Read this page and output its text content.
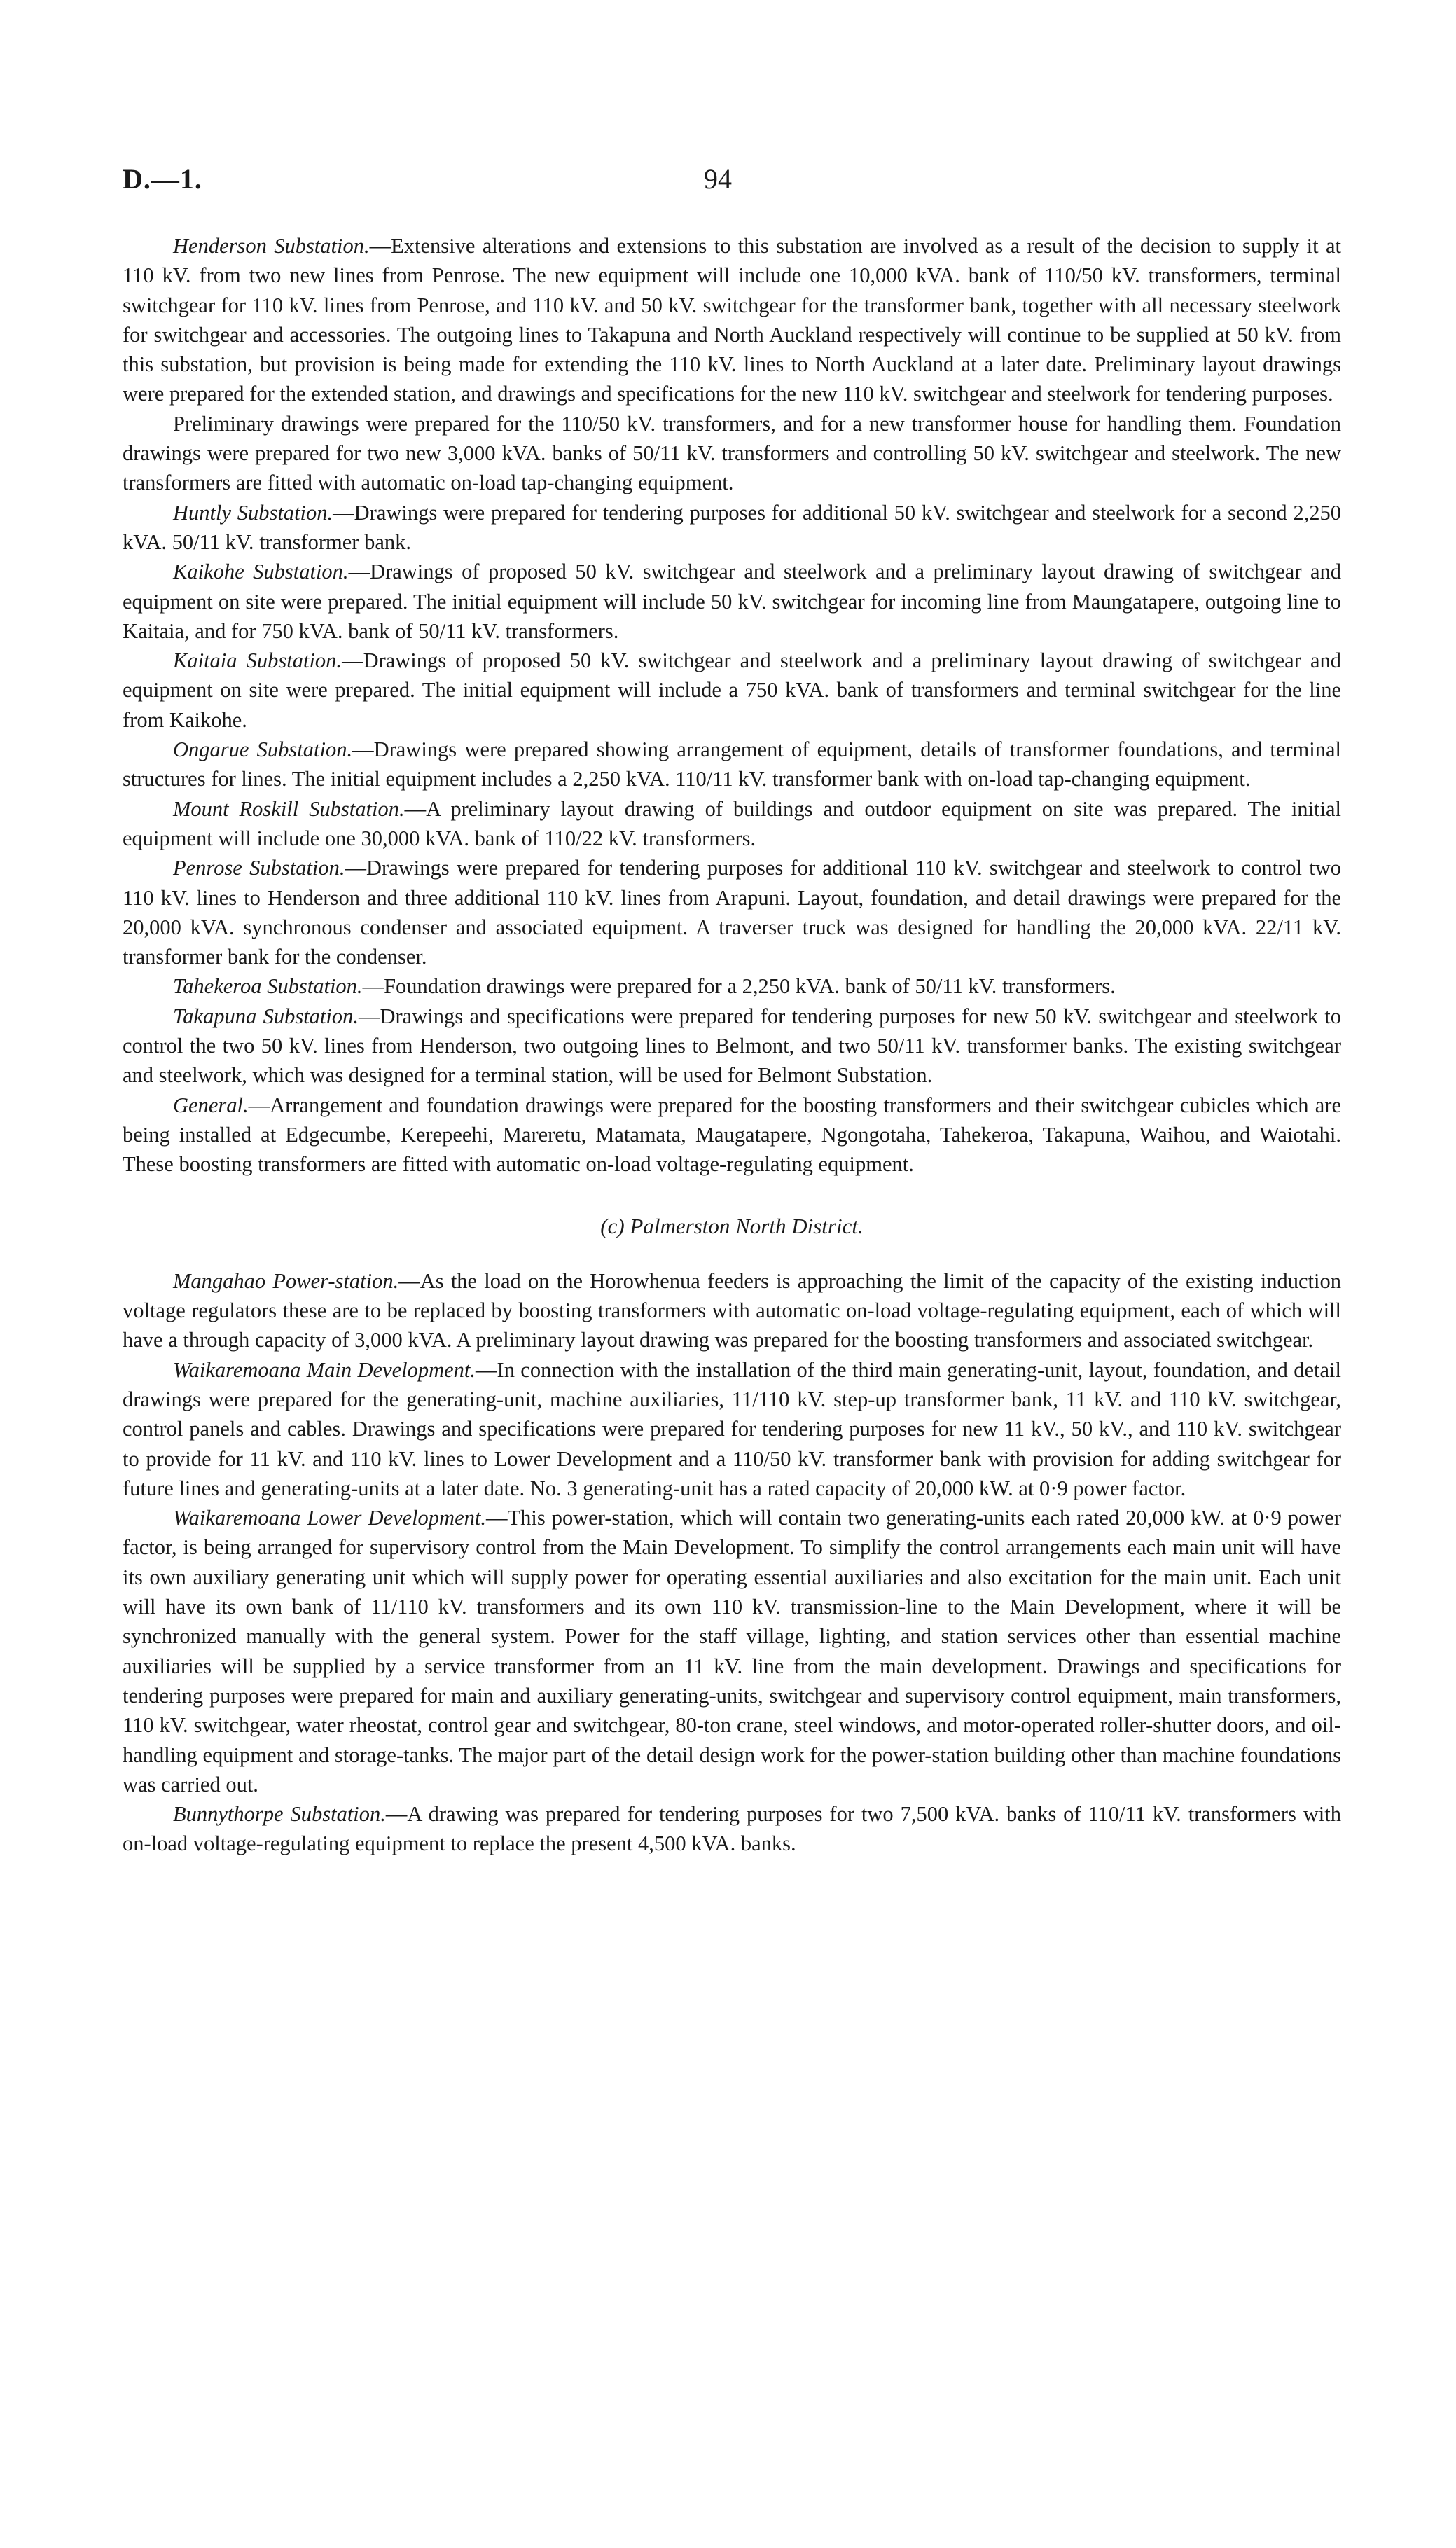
D.—1.	94

Henderson Substation.—Extensive alterations and extensions to this substation are involved as a result of the decision to supply it at 110 kV. from two new lines from Penrose. The new equipment will include one 10,000 kVA. bank of 110/50 kV. transformers, terminal switchgear for 110 kV. lines from Penrose, and 110 kV. and 50 kV. switchgear for the transformer bank, together with all necessary steelwork for switchgear and accessories. The outgoing lines to Takapuna and North Auckland respectively will continue to be supplied at 50 kV. from this substation, but provision is being made for extending the 110 kV. lines to North Auckland at a later date. Preliminary layout drawings were prepared for the extended station, and drawings and specifications for the new 110 kV. switchgear and steelwork for tendering purposes.

Preliminary drawings were prepared for the 110/50 kV. transformers, and for a new transformer house for handling them. Foundation drawings were prepared for two new 3,000 kVA. banks of 50/11 kV. transformers and controlling 50 kV. switchgear and steelwork. The new transformers are fitted with automatic on-load tap-changing equipment.

Huntly Substation.—Drawings were prepared for tendering purposes for additional 50 kV. switchgear and steelwork for a second 2,250 kVA. 50/11 kV. transformer bank.

Kaikohe Substation.—Drawings of proposed 50 kV. switchgear and steelwork and a preliminary layout drawing of switchgear and equipment on site were prepared. The initial equipment will include 50 kV. switchgear for incoming line from Maungatapere, outgoing line to Kaitaia, and for 750 kVA. bank of 50/11 kV. transformers.

Kaitaia Substation.—Drawings of proposed 50 kV. switchgear and steelwork and a preliminary layout drawing of switchgear and equipment on site were prepared. The initial equipment will include a 750 kVA. bank of transformers and terminal switchgear for the line from Kaikohe.

Ongarue Substation.—Drawings were prepared showing arrangement of equipment, details of transformer foundations, and terminal structures for lines. The initial equipment includes a 2,250 kVA. 110/11 kV. transformer bank with on-load tap-changing equipment.

Mount Roskill Substation.—A preliminary layout drawing of buildings and outdoor equipment on site was prepared. The initial equipment will include one 30,000 kVA. bank of 110/22 kV. transformers.

Penrose Substation.—Drawings were prepared for tendering purposes for additional 110 kV. switchgear and steelwork to control two 110 kV. lines to Henderson and three additional 110 kV. lines from Arapuni. Layout, foundation, and detail drawings were prepared for the 20,000 kVA. synchronous condenser and associated equipment. A traverser truck was designed for handling the 20,000 kVA. 22/11 kV. transformer bank for the condenser.

Tahekeroa Substation.—Foundation drawings were prepared for a 2,250 kVA. bank of 50/11 kV. transformers.

Takapuna Substation.—Drawings and specifications were prepared for tendering purposes for new 50 kV. switchgear and steelwork to control the two 50 kV. lines from Henderson, two outgoing lines to Belmont, and two 50/11 kV. transformer banks. The existing switchgear and steelwork, which was designed for a terminal station, will be used for Belmont Substation.

General.—Arrangement and foundation drawings were prepared for the boosting transformers and their switchgear cubicles which are being installed at Edgecumbe, Kerepeehi, Mareretu, Matamata, Maugatapere, Ngongotaha, Tahekeroa, Takapuna, Waihou, and Waiotahi. These boosting transformers are fitted with automatic on-load voltage-regulating equipment.

(c) Palmerston North District.

Mangahao Power-station.—As the load on the Horowhenua feeders is approaching the limit of the capacity of the existing induction voltage regulators these are to be replaced by boosting transformers with automatic on-load voltage-regulating equipment, each of which will have a through capacity of 3,000 kVA. A preliminary layout drawing was prepared for the boosting transformers and associated switchgear.

Waikaremoana Main Development.—In connection with the installation of the third main generating-unit, layout, foundation, and detail drawings were prepared for the generating-unit, machine auxiliaries, 11/110 kV. step-up transformer bank, 11 kV. and 110 kV. switchgear, control panels and cables. Drawings and specifications were prepared for tendering purposes for new 11 kV., 50 kV., and 110 kV. switchgear to provide for 11 kV. and 110 kV. lines to Lower Development and a 110/50 kV. transformer bank with provision for adding switchgear for future lines and generating-units at a later date. No. 3 generating-unit has a rated capacity of 20,000 kW. at 0·9 power factor.

Waikaremoana Lower Development.—This power-station, which will contain two generating-units each rated 20,000 kW. at 0·9 power factor, is being arranged for supervisory control from the Main Development. To simplify the control arrangements each main unit will have its own auxiliary generating unit which will supply power for operating essential auxiliaries and also excitation for the main unit. Each unit will have its own bank of 11/110 kV. transformers and its own 110 kV. transmission-line to the Main Development, where it will be synchronized manually with the general system. Power for the staff village, lighting, and station services other than essential machine auxiliaries will be supplied by a service transformer from an 11 kV. line from the main development. Drawings and specifications for tendering purposes were prepared for main and auxiliary generating-units, switchgear and supervisory control equipment, main transformers, 110 kV. switchgear, water rheostat, control gear and switchgear, 80-ton crane, steel windows, and motor-operated roller-shutter doors, and oil-handling equipment and storage-tanks. The major part of the detail design work for the power-station building other than machine foundations was carried out.

Bunnythorpe Substation.—A drawing was prepared for tendering purposes for two 7,500 kVA. banks of 110/11 kV. transformers with on-load voltage-regulating equipment to replace the present 4,500 kVA. banks.
